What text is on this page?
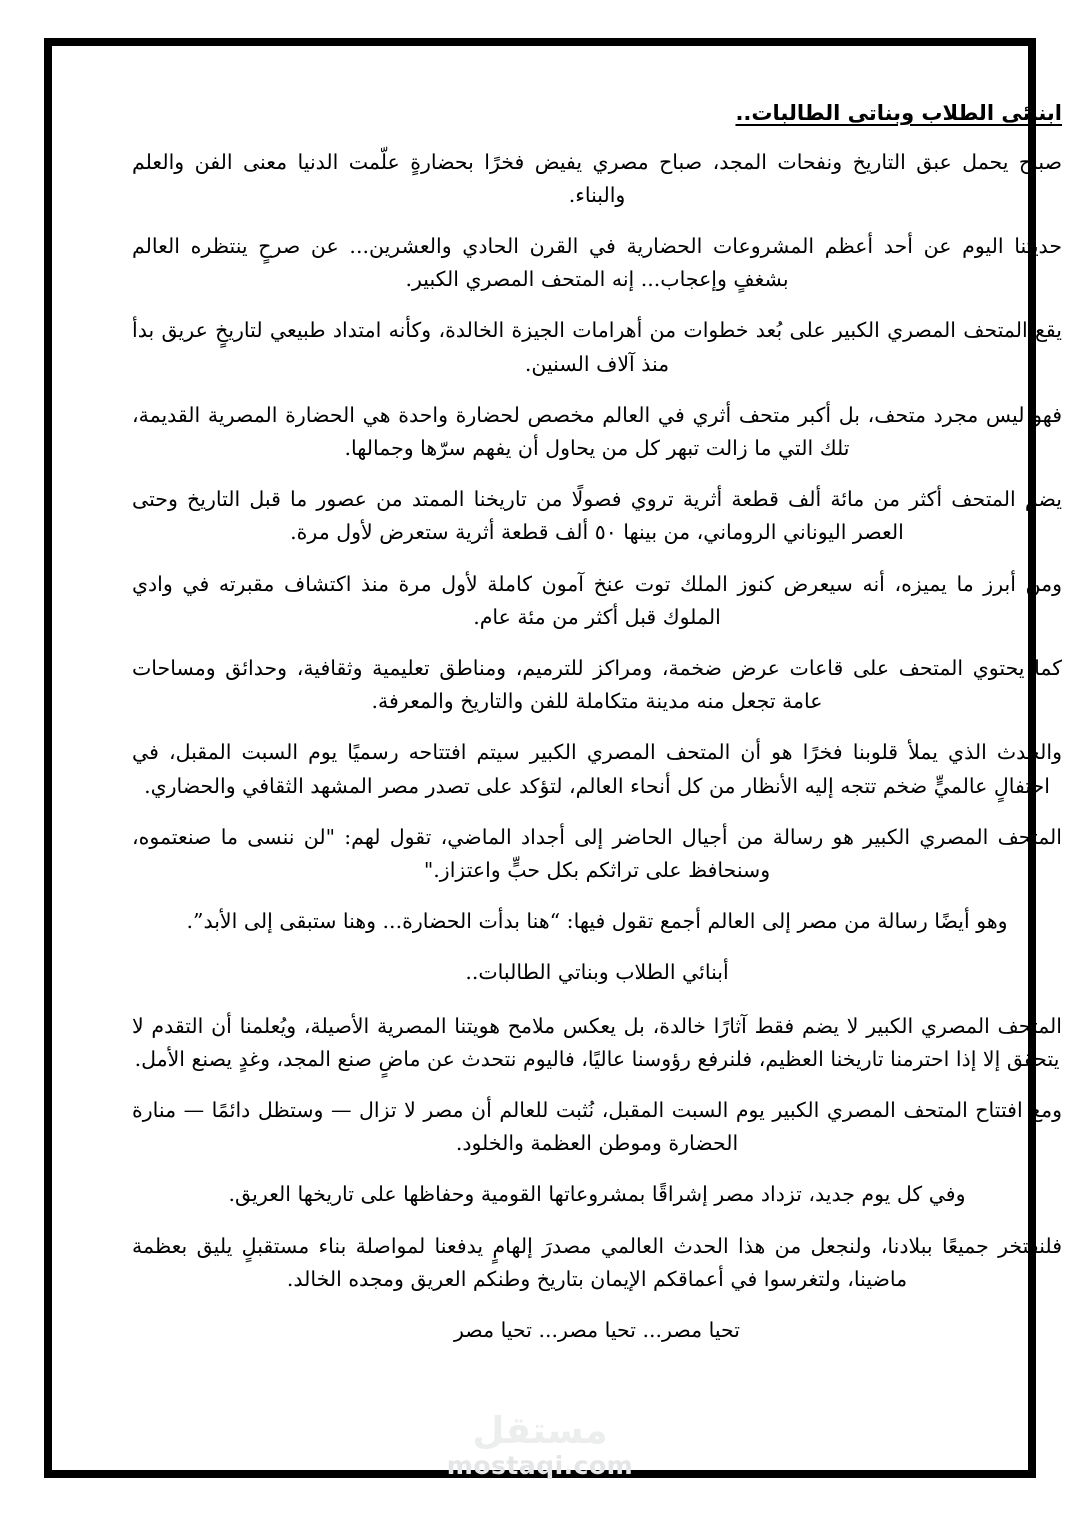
ابنائى الطلاب وبناتى الطالبات..

صباح يحمل عبق التاريخ ونفحات المجد، صباح مصري يفيض فخرًا بحضارةٍ علّمت الدنيا معنى الفن والعلم والبناء.

حديثنا اليوم عن أحد أعظم المشروعات الحضارية في القرن الحادي والعشرين... عن صرحٍ ينتظره العالم بشغفٍ وإعجاب... إنه المتحف المصري الكبير.

يقع المتحف المصري الكبير على بُعد خطوات من أهرامات الجيزة الخالدة، وكأنه امتداد طبيعي لتاريخٍ عريق بدأ منذ آلاف السنين.

فهو ليس مجرد متحف، بل أكبر متحف أثري في العالم مخصص لحضارة واحدة هي الحضارة المصرية القديمة، تلك التي ما زالت تبهر كل من يحاول أن يفهم سرّها وجمالها.

يضم المتحف أكثر من مائة ألف قطعة أثرية تروي فصولًا من تاريخنا الممتد من عصور ما قبل التاريخ وحتى العصر اليوناني الروماني، من بينها ٥٠ ألف قطعة أثرية ستعرض لأول مرة.

ومن أبرز ما يميزه، أنه سيعرض كنوز الملك توت عنخ آمون كاملة لأول مرة منذ اكتشاف مقبرته في وادي الملوك قبل أكثر من مئة عام.

كما يحتوي المتحف على قاعات عرض ضخمة، ومراكز للترميم، ومناطق تعليمية وثقافية، وحدائق ومساحات عامة تجعل منه مدينة متكاملة للفن والتاريخ والمعرفة.

والحدث الذي يملأ قلوبنا فخرًا هو أن المتحف المصري الكبير سيتم افتتاحه رسميًا يوم السبت المقبل، في احتفالٍ عالميٍّ ضخم تتجه إليه الأنظار من كل أنحاء العالم، لتؤكد على تصدر مصر المشهد الثقافي والحضاري.

المتحف المصري الكبير هو رسالة من أجيال الحاضر إلى أجداد الماضي، تقول لهم: "لن ننسى ما صنعتموه، وسنحافظ على تراثكم بكل حبٍّ واعتزاز."

وهو أيضًا رسالة من مصر إلى العالم أجمع تقول فيها: “هنا بدأت الحضارة... وهنا ستبقى إلى الأبد”.

أبنائي الطلاب وبناتي الطالبات..

المتحف المصري الكبير لا يضم فقط آثارًا خالدة، بل يعكس ملامح هويتنا المصرية الأصيلة، ويُعلمنا أن التقدم لا يتحقق إلا إذا احترمنا تاريخنا العظيم، فلنرفع رؤوسنا عاليًا، فاليوم نتحدث عن ماضٍ صنع المجد، وغدٍ يصنع الأمل.

ومع افتتاح المتحف المصري الكبير يوم السبت المقبل، نُثبت للعالم أن مصر لا تزال — وستظل دائمًا — منارة الحضارة وموطن العظمة والخلود.

وفي كل يوم جديد، تزداد مصر إشراقًا بمشروعاتها القومية وحفاظها على تاريخها العريق.

فلنفتخر جميعًا ببلادنا، ولنجعل من هذا الحدث العالمي مصدرَ إلهامٍ يدفعنا لمواصلة بناء مستقبلٍ يليق بعظمة ماضينا، ولتغرسوا في أعماقكم الإيمان بتاريخ وطنكم العريق ومجده الخالد.

تحيا مصر... تحيا مصر... تحيا مصر

مستقل
mostaqi.com
